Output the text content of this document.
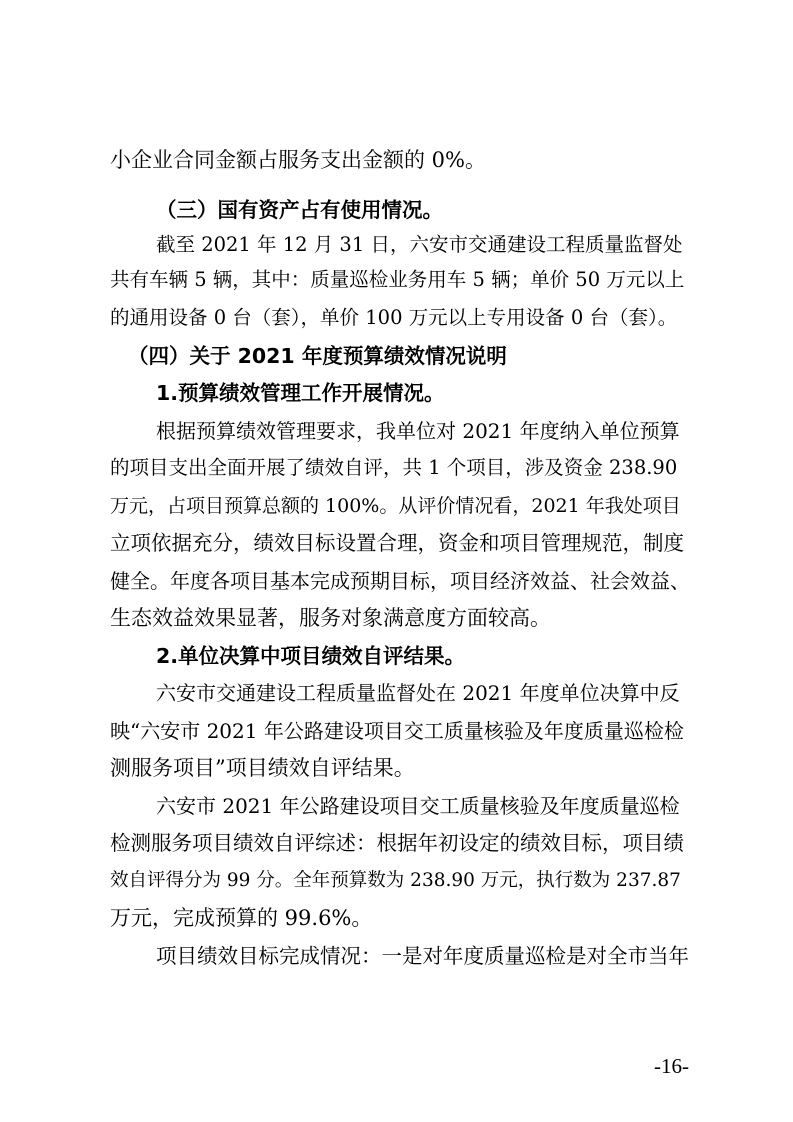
小企业合同金额占服务支出金额的 0%。

（三）国有资产占有使用情况。

截至 2021 年 12 月 31 日，六安市交通建设工程质量监督处

共有车辆 5 辆，其中：质量巡检业务用车 5 辆；单价 50 万元以上

的通用设备 0 台（套），单价 100 万元以上专用设备 0 台（套）。

（四）关于 2021 年度预算绩效情况说明

1.预算绩效管理工作开展情况。

根据预算绩效管理要求，我单位对 2021 年度纳入单位预算

的项目支出全面开展了绩效自评，共 1 个项目，涉及资金 238.90

万元，占项目预算总额的 100%。从评价情况看，2021 年我处项目

立项依据充分，绩效目标设置合理，资金和项目管理规范，制度

健全。年度各项目基本完成预期目标，项目经济效益、社会效益、

生态效益效果显著，服务对象满意度方面较高。

2.单位决算中项目绩效自评结果。

六安市交通建设工程质量监督处在 2021 年度单位决算中反

映“六安市 2021 年公路建设项目交工质量核验及年度质量巡检检

测服务项目”项目绩效自评结果。

六安市 2021 年公路建设项目交工质量核验及年度质量巡检

检测服务项目绩效自评综述：根据年初设定的绩效目标，项目绩

效自评得分为 99 分。全年预算数为 238.90 万元，执行数为 237.87

万元，完成预算的 99.6%。

项目绩效目标完成情况：一是对年度质量巡检是对全市当年

-16-
